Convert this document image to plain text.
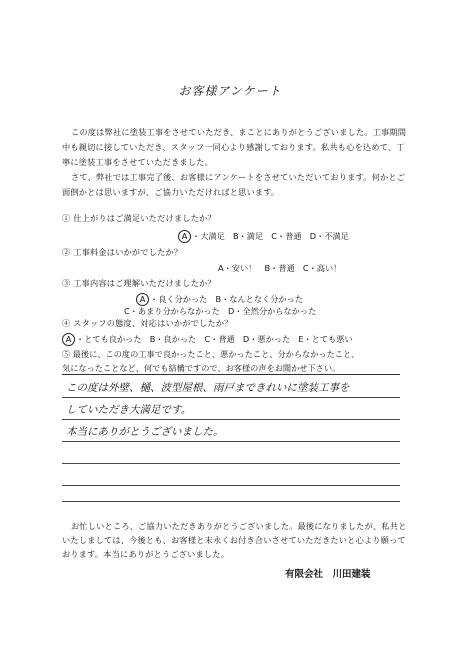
お客様アンケート

この度は弊社に塗装工事をさせていただき、まことにありがとうございました。工事期間中も親切に接していただき、スタッフ一同心より感謝しております。私共も心を込めて、丁寧に塗装工事をさせていただきました。

さて、弊社では工事完了後、お客様にアンケートをさせていただいております。何かとご面倒かとは思いますが、ご協力いただければと思います。

① 仕上がりはご満足いただけましたか？
A ・大満足　B・満足　C・普通　D・不満足
② 工事料金はいかがでしたか？
A・安い！　B・普通　C・高い！
③ 工事内容はご理解いただけましたか？
A ・良く分かった　B・なんとなく分かった
C・あまり分からなかった　D・全然分からなかった
④ スタッフの態度、対応はいかがでしたか？
A ・とても良かった　B・良かった　C・普通　D・悪かった　E・とても悪い

⑤ 最後に、この度の工事で良かったこと、悪かったこと、分からなかったこと、

気になったことなど、何でも結構ですので、お客様の声をお聞かせ下さい。

この度は外壁、樋、波型屋根、雨戸まできれいに塗装工事を
していただき大満足です。
本当にありがとうございました。

お忙しいところ、ご協力いただきありがとうございました。最後になりましたが、私共といたしましては、今後とも、お客様と末永くお付き合いさせていただきたいと心より願っております。本当にありがとうございました。

有限会社　川田建装
